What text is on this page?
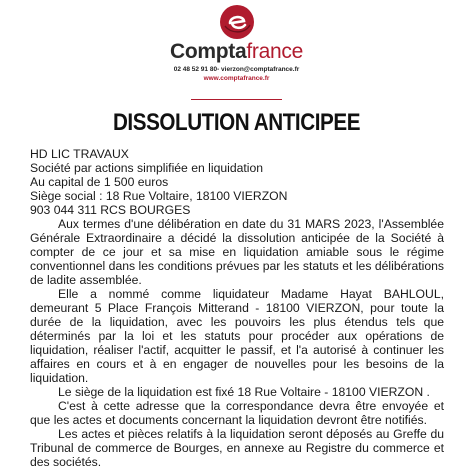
Comptafrance
02 48 52 91 80- vierzon@comptafrance.fr
www.comptafrance.fr
DISSOLUTION ANTICIPEE
HD LIC TRAVAUX
Société par actions simplifiée en liquidation
Au capital de 1 500 euros
Siège social : 18 Rue Voltaire, 18100 VIERZON
903 044 311 RCS BOURGES

Aux termes d'une délibération en date du 31 MARS 2023, l'Assemblée Générale Extraordinaire a décidé la dissolution anticipée de la Société à compter de ce jour et sa mise en liquidation amiable sous le régime conventionnel dans les conditions prévues par les statuts et les délibérations de ladite assemblée.

Elle a nommé comme liquidateur Madame Hayat BAHLOUL, demeurant 5 Place François Mitterand - 18100 VIERZON, pour toute la durée de la liquidation, avec les pouvoirs les plus étendus tels que déterminés par la loi et les statuts pour procéder aux opérations de liquidation, réaliser l'actif, acquitter le passif, et l'a autorisé à continuer les affaires en cours et à en engager de nouvelles pour les besoins de la liquidation.

Le siège de la liquidation est fixé 18 Rue Voltaire - 18100 VIERZON .

C'est à cette adresse que la correspondance devra être envoyée et que les actes et documents concernant la liquidation devront être notifiés.

Les actes et pièces relatifs à la liquidation seront déposés au Greffe du Tribunal de commerce de Bourges, en annexe au Registre du commerce et des sociétés.
